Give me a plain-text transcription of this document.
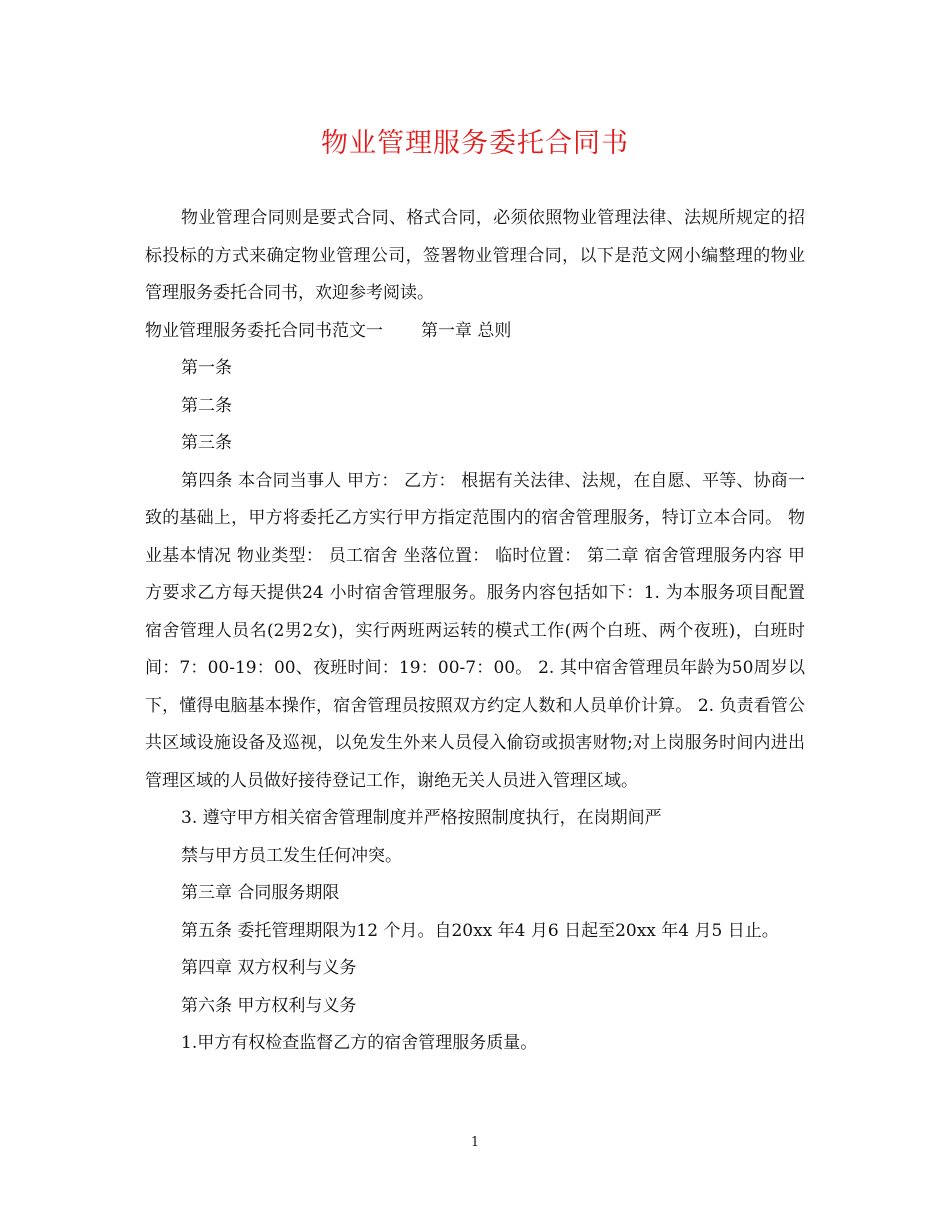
物业管理服务委托合同书

物业管理合同则是要式合同、格式合同，必须依照物业管理法律、法规所规定的招标投标的方式来确定物业管理公司，签署物业管理合同，以下是范文网小编整理的物业管理服务委托合同书，欢迎参考阅读。

物业管理服务委托合同书范文一 第一章 总则

第一条

第二条

第三条

第四条 本合同当事人 甲方： 乙方： 根据有关法律、法规，在自愿、平等、协商一致的基础上，甲方将委托乙方实行甲方指定范围内的宿舍管理服务，特订立本合同。 物业基本情况 物业类型： 员工宿舍 坐落位置： 临时位置： 第二章 宿舍管理服务内容 甲方要求乙方每天提供24 小时宿舍管理服务。服务内容包括如下：1. 为本服务项目配置宿舍管理人员名(2男2女)，实行两班两运转的模式工作(两个白班、两个夜班)，白班时间：7：00-19：00、夜班时间：19：00-7：00。 2. 其中宿舍管理员年龄为50周岁以下，懂得电脑基本操作，宿舍管理员按照双方约定人数和人员单价计算。 2. 负责看管公共区域设施设备及巡视，以免发生外来人员侵入偷窃或损害财物;对上岗服务时间内进出管理区域的人员做好接待登记工作，谢绝无关人员进入管理区域。

3. 遵守甲方相关宿舍管理制度并严格按照制度执行，在岗期间严

禁与甲方员工发生任何冲突。

第三章 合同服务期限

第五条 委托管理期限为12 个月。自20xx 年4 月6 日起至20xx 年4 月5 日止。

第四章 双方权利与义务

第六条 甲方权利与义务

1.甲方有权检查监督乙方的宿舍管理服务质量。

1
